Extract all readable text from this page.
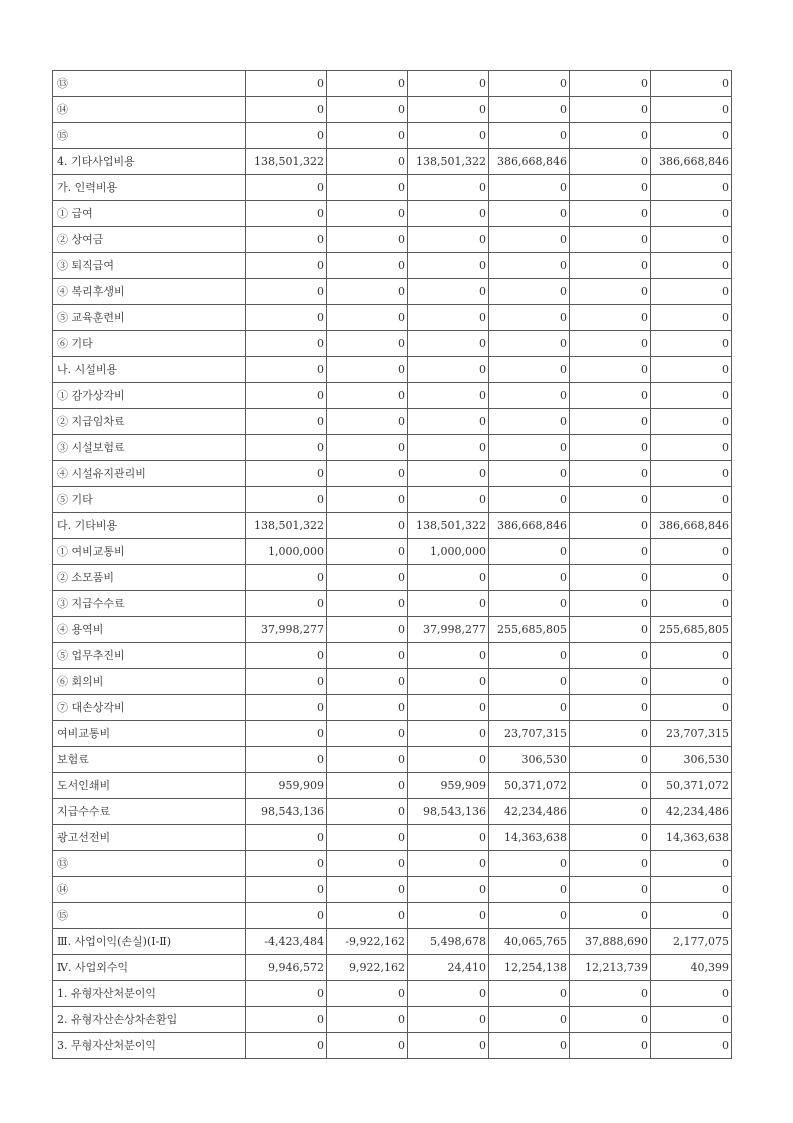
⑬	0	0	0	0	0	0
⑭	0	0	0	0	0	0
⑮	0	0	0	0	0	0
4. 기타사업비용	138,501,322	0	138,501,322	386,668,846	0	386,668,846
가. 인력비용	0	0	0	0	0	0
① 급여	0	0	0	0	0	0
② 상여금	0	0	0	0	0	0
③ 퇴직급여	0	0	0	0	0	0
④ 복리후생비	0	0	0	0	0	0
⑤ 교육훈련비	0	0	0	0	0	0
⑥ 기타	0	0	0	0	0	0
나. 시설비용	0	0	0	0	0	0
① 감가상각비	0	0	0	0	0	0
② 지급임차료	0	0	0	0	0	0
③ 시설보험료	0	0	0	0	0	0
④ 시설유지관리비	0	0	0	0	0	0
⑤ 기타	0	0	0	0	0	0
다. 기타비용	138,501,322	0	138,501,322	386,668,846	0	386,668,846
① 여비교통비	1,000,000	0	1,000,000	0	0	0
② 소모품비	0	0	0	0	0	0
③ 지급수수료	0	0	0	0	0	0
④ 용역비	37,998,277	0	37,998,277	255,685,805	0	255,685,805
⑤ 업무추진비	0	0	0	0	0	0
⑥ 회의비	0	0	0	0	0	0
⑦ 대손상각비	0	0	0	0	0	0
여비교통비	0	0	0	23,707,315	0	23,707,315
보험료	0	0	0	306,530	0	306,530
도서인쇄비	959,909	0	959,909	50,371,072	0	50,371,072
지급수수료	98,543,136	0	98,543,136	42,234,486	0	42,234,486
광고선전비	0	0	0	14,363,638	0	14,363,638
⑬	0	0	0	0	0	0
⑭	0	0	0	0	0	0
⑮	0	0	0	0	0	0
Ⅲ. 사업이익(손실)(Ⅰ-Ⅱ)	-4,423,484	-9,922,162	5,498,678	40,065,765	37,888,690	2,177,075
Ⅳ. 사업외수익	9,946,572	9,922,162	24,410	12,254,138	12,213,739	40,399
1. 유형자산처분이익	0	0	0	0	0	0
2. 유형자산손상차손환입	0	0	0	0	0	0
3. 무형자산처분이익	0	0	0	0	0	0
